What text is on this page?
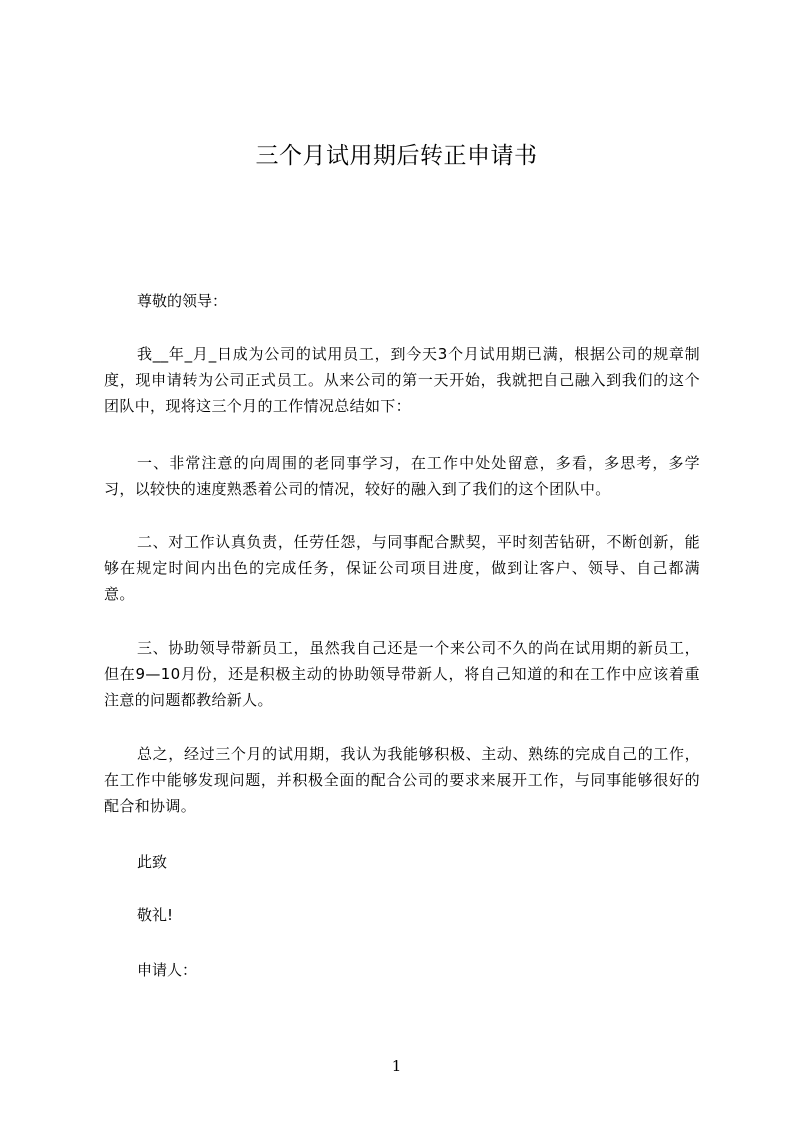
三个月试用期后转正申请书
尊敬的领导：
我__年_月_日成为公司的试用员工，到今天3个月试用期已满，根据公司的规章制度，现申请转为公司正式员工。从来公司的第一天开始，我就把自己融入到我们的这个团队中，现将这三个月的工作情况总结如下：
一、非常注意的向周围的老同事学习，在工作中处处留意，多看，多思考，多学习，以较快的速度熟悉着公司的情况，较好的融入到了我们的这个团队中。
二、对工作认真负责，任劳任怨，与同事配合默契，平时刻苦钻研，不断创新，能够在规定时间内出色的完成任务，保证公司项目进度，做到让客户、领导、自己都满意。
三、协助领导带新员工，虽然我自己还是一个来公司不久的尚在试用期的新员工，但在9—10月份，还是积极主动的协助领导带新人，将自己知道的和在工作中应该着重注意的问题都教给新人。
总之，经过三个月的试用期，我认为我能够积极、主动、熟练的完成自己的工作，在工作中能够发现问题，并积极全面的配合公司的要求来展开工作，与同事能够很好的配合和协调。
此致
敬礼!
申请人：
1
